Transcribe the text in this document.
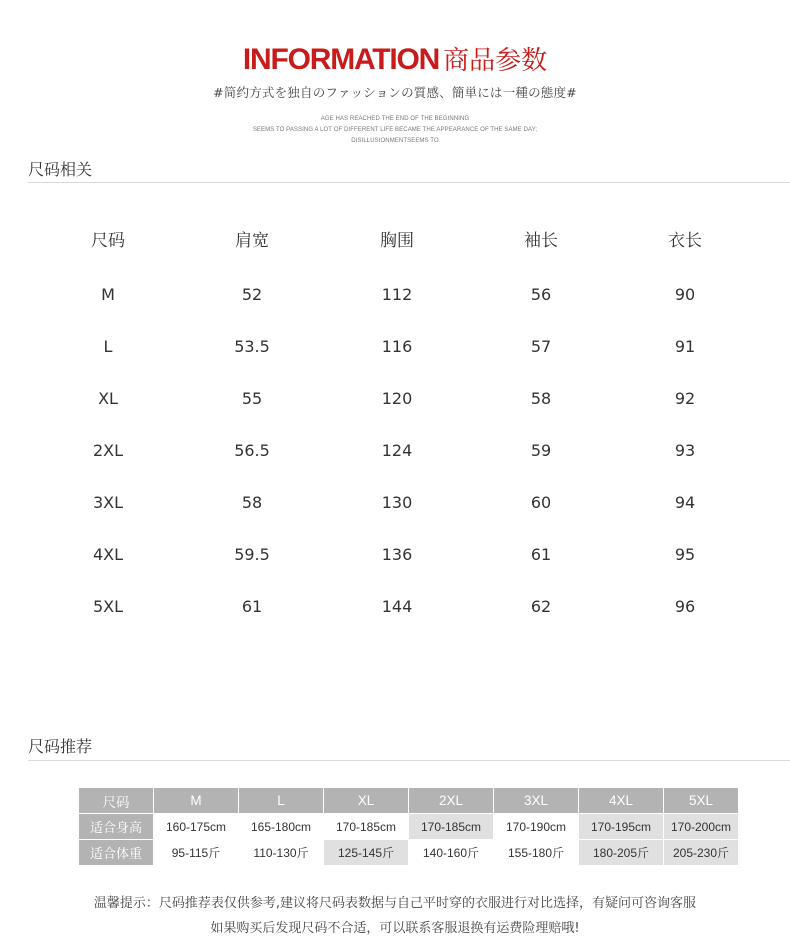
INFORMATION 商品参数
#简约方式を独自のファッションの質感、簡単には一種の態度#
AGE HAS REACHED THE END OF THE BEGINNING
SEEMS TO PASSING A LOT OF DIFFERENT LIFE BECAME THE APPEARANCE OF THE SAME DAY;
DISILLUSIONMENTSEEMS TO
尺码相关
尺码	肩宽	胸围	袖长	衣长
M	52	112	56	90
L	53.5	116	57	91
XL	55	120	58	92
2XL	56.5	124	59	93
3XL	58	130	60	94
4XL	59.5	136	61	95
5XL	61	144	62	96
尺码推荐
尺码	M	L	XL	2XL	3XL	4XL	5XL
适合身高	160-175cm	165-180cm	170-185cm	170-185cm	170-190cm	170-195cm	170-200cm
适合体重	95-115斤	110-130斤	125-145斤	140-160斤	155-180斤	180-205斤	205-230斤
温馨提示：尺码推荐表仅供参考,建议将尺码表数据与自己平时穿的衣服进行对比选择，有疑问可咨询客服
如果购买后发现尺码不合适，可以联系客服退换有运费险理赔哦!
